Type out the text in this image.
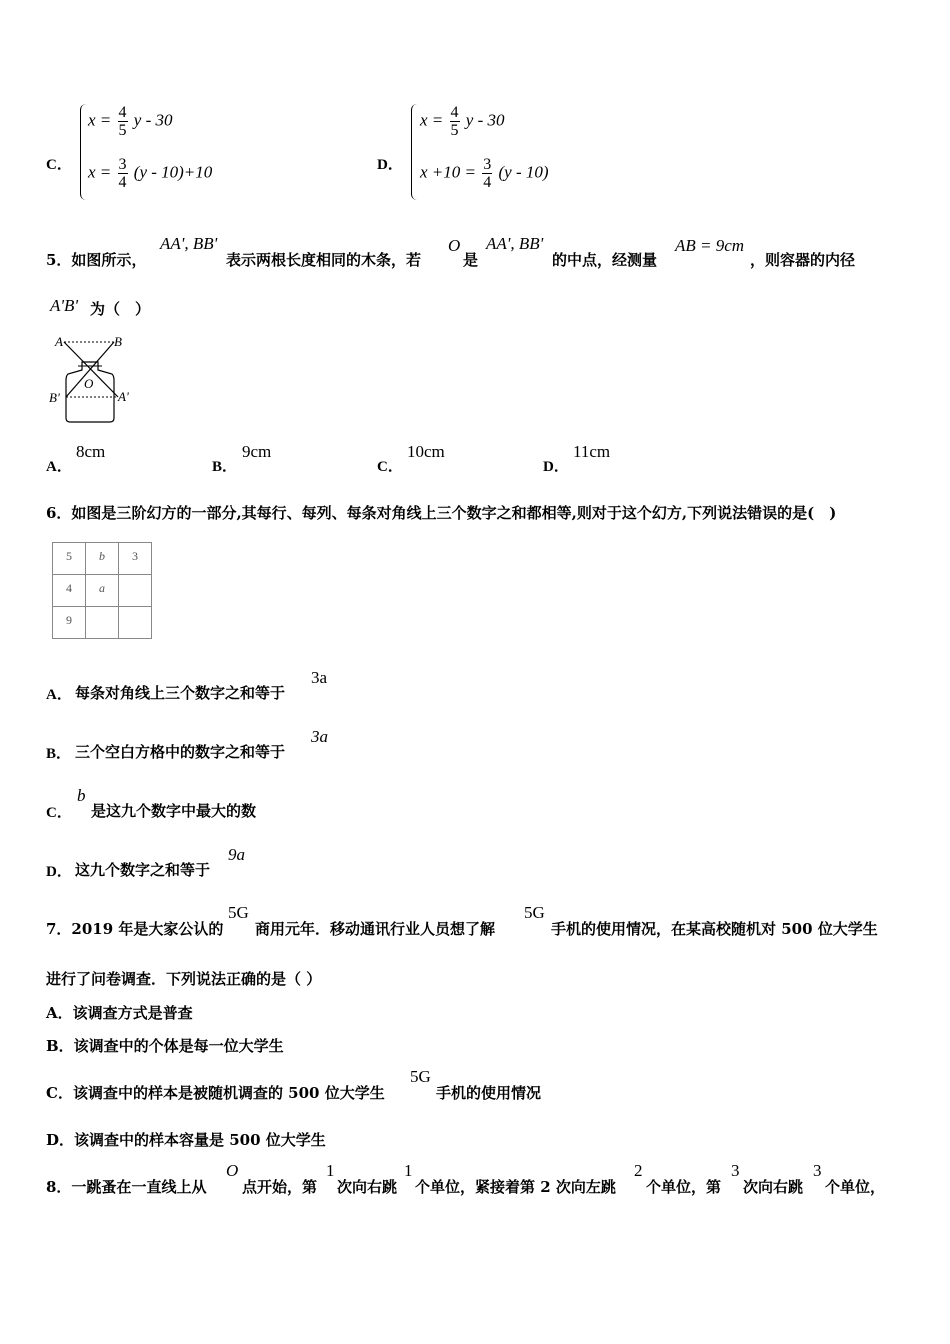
C．
$x = \frac{4}{5}$ y - 30
$x = \frac{3}{4} (y - 10)+10$	D．
$x = \frac{4}{5}$ y - 30
$x +10 = \frac{3}{4} (y - 10)$
5．如图所示，
AA', BB'
表示两根长度相同的木条，若
O
是
AA', BB'
的中点，经测量
AB = 9cm
，则容器的内径
A'B' 为（　）
A	B
O
B'	A'
A．
8cm
B．
9cm
C．
10cm
D．
11cm
6．如图是三阶幻方的一部分,其每行、每列、每条对角线上三个数字之和都相等,则对于这个幻方,下列说法错误的是(　)
5	b	3
4	a	
9		
A． 每条对角线上三个数字之和等于
3a
B． 三个空白方格中的数字之和等于
3a
C．
b
是这九个数字中最大的数
D． 这九个数字之和等于
9a
7．2019 年是大家公认的
5G
商用元年．移动通讯行业人员想了解
5G
手机的使用情况，在某高校随机对 500 位大学生
进行了问卷调查．下列说法正确的是（ ）
A．该调查方式是普查
B．该调查中的个体是每一位大学生
C．该调查中的样本是被随机调查的 500 位大学生
5G
手机的使用情况
D．该调查中的样本容量是 500 位大学生
8．一跳蚤在一直线上从
O
点开始，第
1
次向右跳
1
个单位，紧接着第 2 次向左跳
2
个单位，第
3
次向右跳
3
个单位，
